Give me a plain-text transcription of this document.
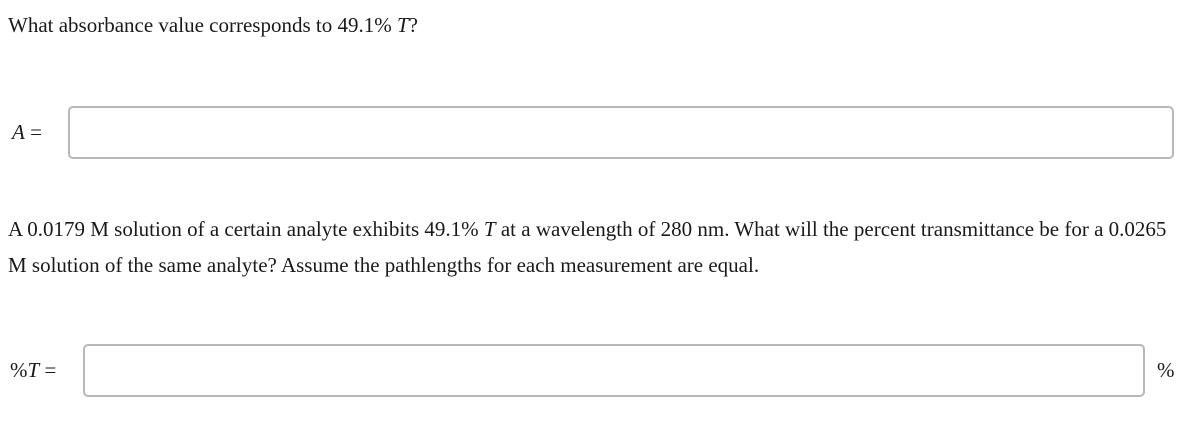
What absorbance value corresponds to 49.1% T?
A =
A 0.0179 M solution of a certain analyte exhibits 49.1% T at a wavelength of 280 nm. What will the percent transmittance be for a 0.0265 M solution of the same analyte? Assume the pathlengths for each measurement are equal.
%T =	%
